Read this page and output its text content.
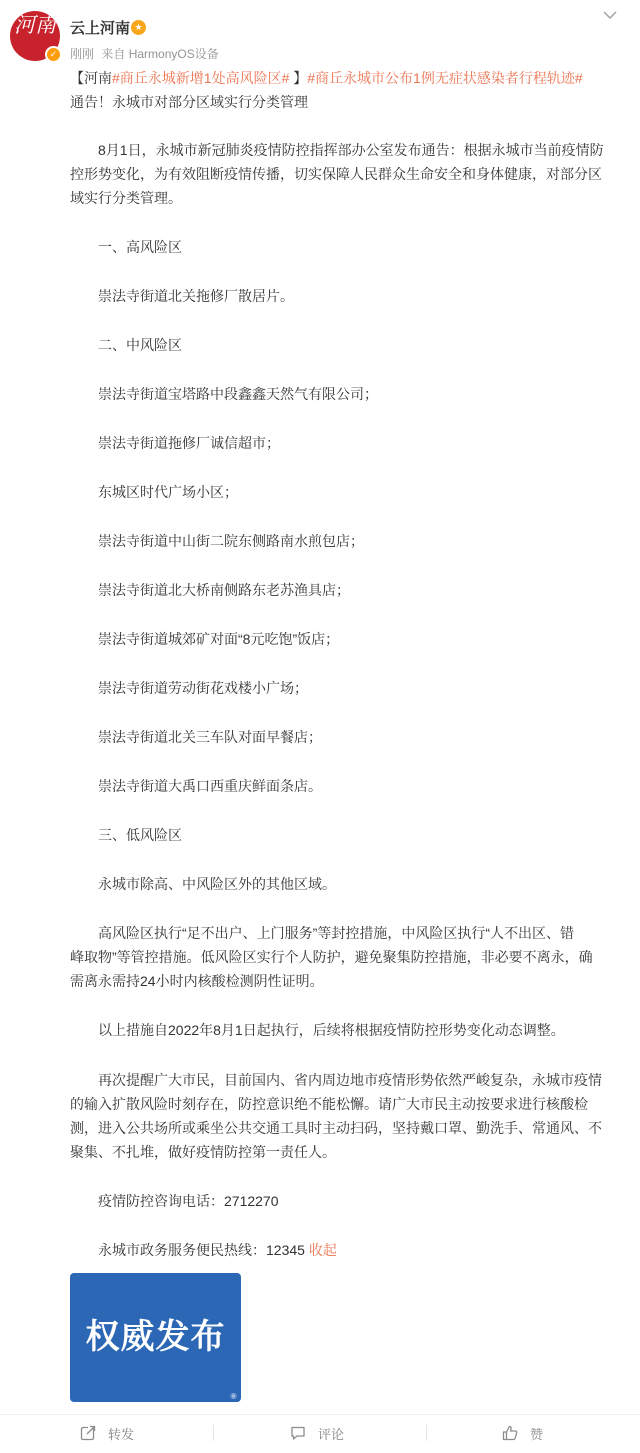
河南
✓
云上河南 ★
刚刚 来自 HarmonyOS设备
【河南#商丘永城新增1处高风险区# 】#商丘永城市公布1例无症状感染者行程轨迹#
通告！永城市对部分区域实行分类管理
8月1日，永城市新冠肺炎疫情防控指挥部办公室发布通告：根据永城市当前疫情防
控形势变化，为有效阻断疫情传播，切实保障人民群众生命安全和身体健康，对部分区
域实行分类管理。
一、高风险区
崇法寺街道北关拖修厂散居片。
二、中风险区
崇法寺街道宝塔路中段鑫鑫天然气有限公司；
崇法寺街道拖修厂诚信超市；
东城区时代广场小区；
崇法寺街道中山街二院东侧路南水煎包店；
崇法寺街道北大桥南侧路东老苏渔具店；
崇法寺街道城郊矿对面“8元吃饱”饭店；
崇法寺街道劳动街花戏楼小广场；
崇法寺街道北关三车队对面早餐店；
崇法寺街道大禹口西重庆鲜面条店。
三、低风险区
永城市除高、中风险区外的其他区域。
高风险区执行“足不出户、上门服务”等封控措施，中风险区执行“人不出区、错
峰取物”等管控措施。低风险区实行个人防护，避免聚集防控措施，非必要不离永，确
需离永需持24小时内核酸检测阴性证明。
以上措施自2022年8月1日起执行，后续将根据疫情防控形势变化动态调整。
再次提醒广大市民，目前国内、省内周边地市疫情形势依然严峻复杂，永城市疫情
的输入扩散风险时刻存在，防控意识绝不能松懈。请广大市民主动按要求进行核酸检
测，进入公共场所或乘坐公共交通工具时主动扫码，坚持戴口罩、勤洗手、常通风、不
聚集、不扎堆，做好疫情防控第一责任人。
疫情防控咨询电话：2712270
永城市政务服务便民热线：12345 收起
权威发布
◉
转发	评论	赞
